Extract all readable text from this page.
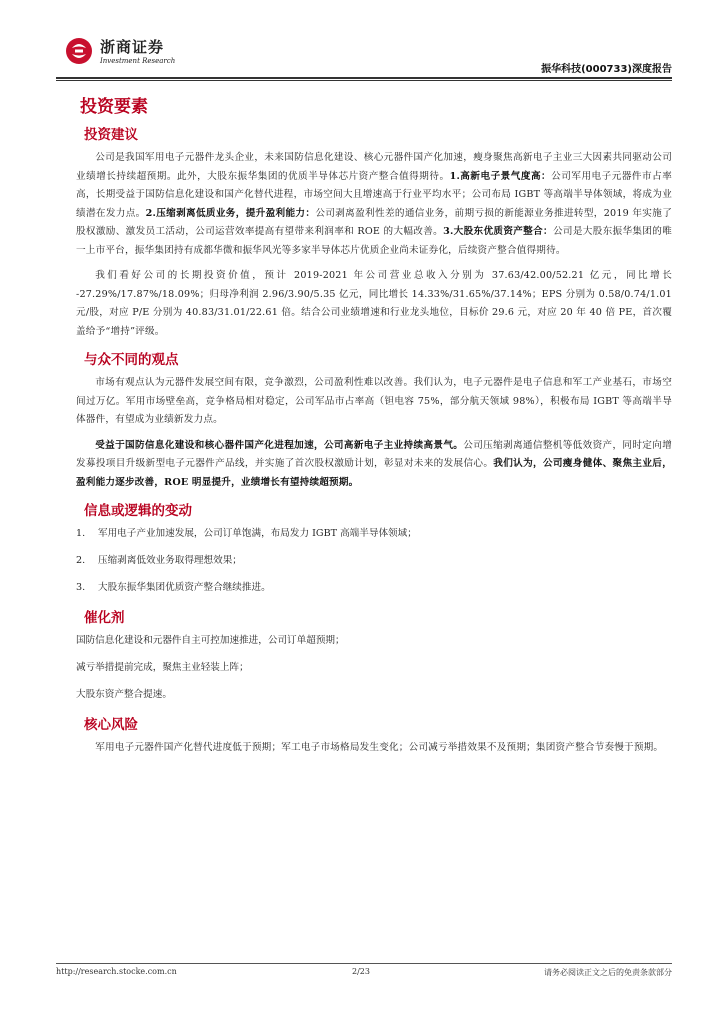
浙商证券
Investment Research
振华科技(000733)深度报告
投资要素
投资建议

公司是我国军用电子元器件龙头企业，未来国防信息化建设、核心元器件国产化加速，瘦身聚焦高新电子主业三大因素共同驱动公司业绩增长持续超预期。此外，大股东振华集团的优质半导体芯片资产整合值得期待。1.高新电子景气度高：公司军用电子元器件市占率高，长期受益于国防信息化建设和国产化替代进程，市场空间大且增速高于行业平均水平；公司布局 IGBT 等高端半导体领域，将成为业绩潜在发力点。2.压缩剥离低质业务，提升盈利能力：公司剥离盈利性差的通信业务，前期亏损的新能源业务推进转型，2019 年实施了股权激励、激发员工活动，公司运营效率提高有望带来利润率和 ROE 的大幅改善。3.大股东优质资产整合：公司是大股东振华集团的唯一上市平台，振华集团持有成都华微和振华风光等多家半导体芯片优质企业尚未证券化，后续资产整合值得期待。

我们看好公司的长期投资价值，预计 2019-2021 年公司营业总收入分别为 37.63/42.00/52.21 亿元，同比增长 -27.29%/17.87%/18.09%；归母净利润 2.96/3.90/5.35 亿元，同比增长 14.33%/31.65%/37.14%；EPS 分别为 0.58/0.74/1.01 元/股，对应 P/E 分别为 40.83/31.01/22.61 倍。结合公司业绩增速和行业龙头地位，目标价 29.6 元，对应 20 年 40 倍 PE，首次覆盖给予“增持”评级。

与众不同的观点

市场有观点认为元器件发展空间有限，竞争激烈，公司盈利性难以改善。我们认为，电子元器件是电子信息和军工产业基石，市场空间过万亿。军用市场壁垒高，竞争格局相对稳定，公司军品市占率高（钽电容 75%，部分航天领域 98%），积极布局 IGBT 等高端半导体器件，有望成为业绩新发力点。

受益于国防信息化建设和核心器件国产化进程加速，公司高新电子主业持续高景气。公司压缩剥离通信整机等低效资产，同时定向增发募投项目升级新型电子元器件产品线，并实施了首次股权激励计划，彰显对未来的发展信心。我们认为，公司瘦身健体、聚焦主业后，盈利能力逐步改善，ROE 明显提升，业绩增长有望持续超预期。

信息或逻辑的变动
1. 军用电子产业加速发展，公司订单饱满，布局发力 IGBT 高端半导体领域；
2. 压缩剥离低效业务取得理想效果；
3. 大股东振华集团优质资产整合继续推进。
催化剂
国防信息化建设和元器件自主可控加速推进，公司订单超预期；
减亏举措提前完成，聚焦主业轻装上阵；
大股东资产整合提速。
核心风险

军用电子元器件国产化替代进度低于预期；军工电子市场格局发生变化；公司减亏举措效果不及预期；集团资产整合节奏慢于预期。

http://research.stocke.com.cn	2/23	请务必阅读正文之后的免责条款部分
